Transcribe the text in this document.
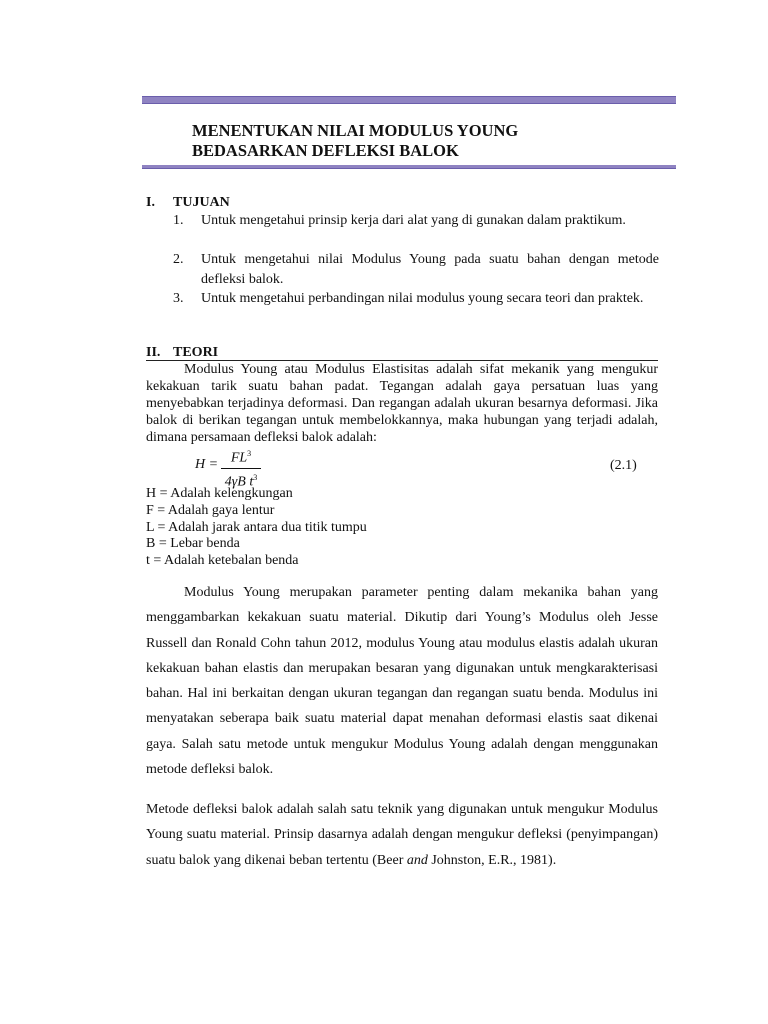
MENENTUKAN NILAI MODULUS YOUNG
BEDASARKAN DEFLEKSI BALOK
I. TUJUAN
1. Untuk mengetahui prinsip kerja dari alat yang di gunakan dalam praktikum.
2. Untuk mengetahui nilai Modulus Young pada suatu bahan dengan metode defleksi balok.
3. Untuk mengetahui perbandingan nilai modulus young secara teori dan praktek.
II. TEORI
Modulus Young atau Modulus Elastisitas adalah sifat mekanik yang mengukur kekakuan tarik suatu bahan padat. Tegangan adalah gaya persatuan luas yang menyebabkan terjadinya deformasi. Dan regangan adalah ukuran besarnya deformasi. Jika balok di berikan tegangan untuk membelokkannya, maka hubungan yang terjadi adalah, dimana persamaan defleksi balok adalah:
$H = FL^3$
4γB $t^3$
(2.1)
H = Adalah kelengkungan
F = Adalah gaya lentur
L = Adalah jarak antara dua titik tumpu
B = Lebar benda
t = Adalah ketebalan benda
Modulus Young merupakan parameter penting dalam mekanika bahan yang menggambarkan kekakuan suatu material. Dikutip dari Young’s Modulus oleh Jesse Russell dan Ronald Cohn tahun 2012, modulus Young atau modulus elastis adalah ukuran kekakuan bahan elastis dan merupakan besaran yang digunakan untuk mengkarakterisasi bahan. Hal ini berkaitan dengan ukuran tegangan dan regangan suatu benda. Modulus ini menyatakan seberapa baik suatu material dapat menahan deformasi elastis saat dikenai gaya. Salah satu metode untuk mengukur Modulus Young adalah dengan menggunakan metode defleksi balok.
Metode defleksi balok adalah salah satu teknik yang digunakan untuk mengukur Modulus Young suatu material. Prinsip dasarnya adalah dengan mengukur defleksi (penyimpangan) suatu balok yang dikenai beban tertentu (Beer and Johnston, E.R., 1981).
